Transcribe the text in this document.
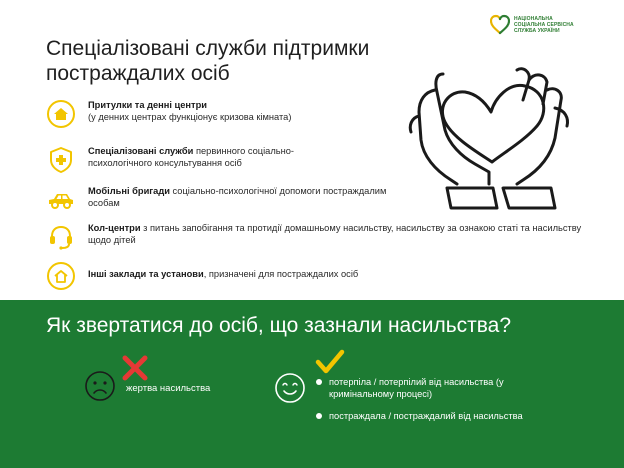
НАЦІОНАЛЬНА
СОЦІАЛЬНА СЕРВІСНА
СЛУЖБА УКРАЇНИ
Спеціалізовані служби підтримки постраждалих осіб
Притулки та денні центри
(у денних центрах функціонує кризова кімната)
Спеціалізовані служби первинного соціально-психологічного консультування осіб
Мобільні бригади соціально-психологічної допомоги постраждалим особам
Кол-центри з питань запобігання та протидії домашньому насильству, насильству за ознакою статі та насильству щодо дітей
Інші заклади та установи, призначені для постраждалих осіб
Як звертатися до осіб, що зазнали насильства?
жертва насильства
потерпіла / потерпілий від насильства (у кримінальному процесі)
постраждала / постраждалий від насильства
